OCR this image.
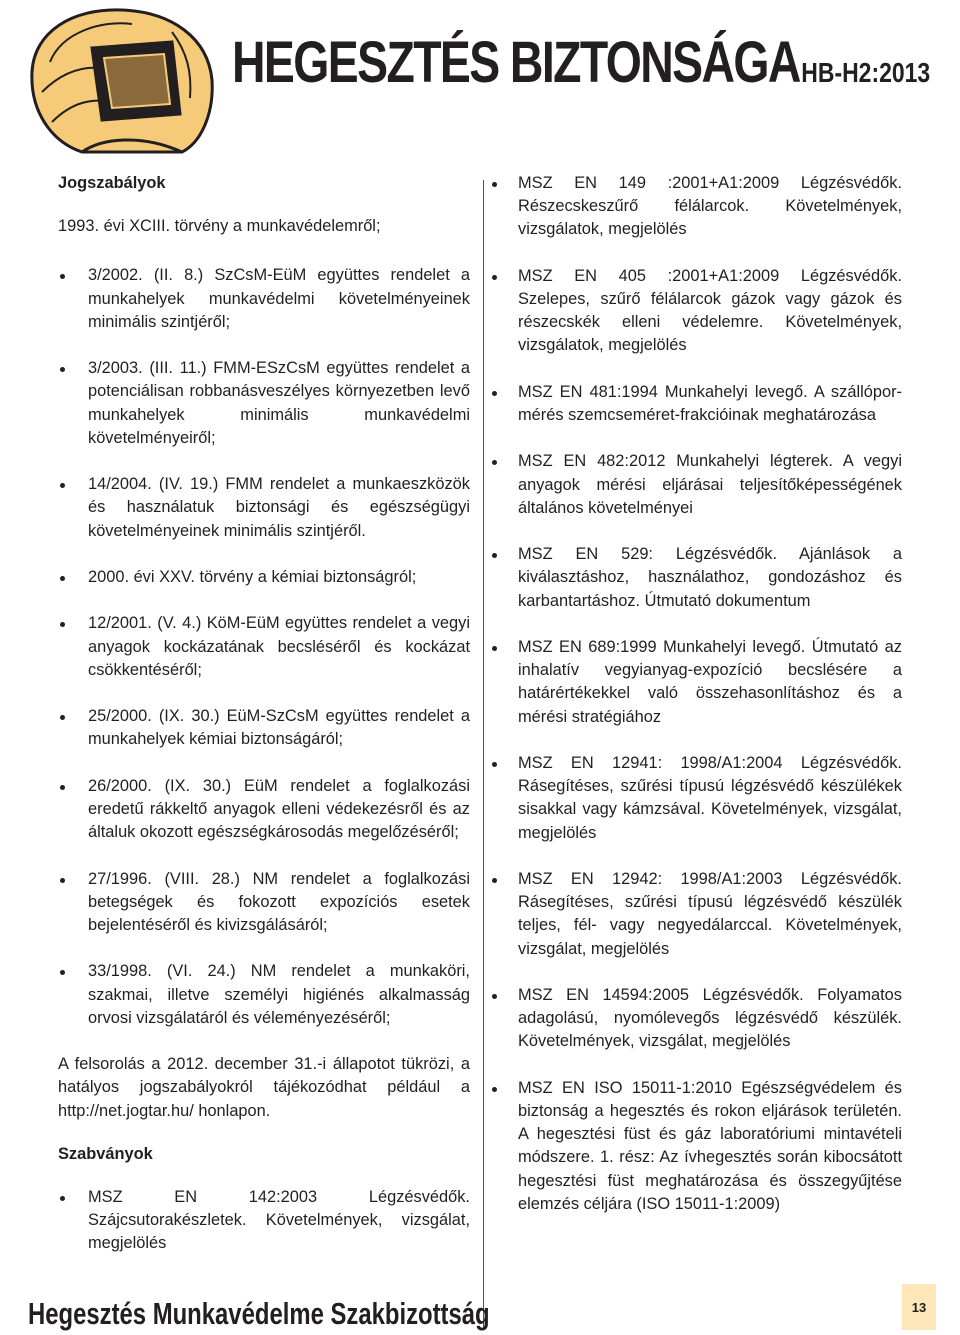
HEGESZTÉS BIZTONSÁGA HB-H2:2013
Jogszabályok

1993. évi XCIII. törvény a munkavédelemről;

3/2002. (II. 8.) SzCsM-EüM együttes rendelet a munkahelyek munkavédelmi követelményeinek minimális szintjéről;
3/2003. (III. 11.) FMM-ESzCsM együttes rendelet a potenciálisan robbanásveszélyes környezetben levő munkahelyek minimális munkavédelmi követelményeiről;
14/2004. (IV. 19.) FMM rendelet a munkaeszközök és használatuk biztonsági és egészségügyi követelményeinek minimális szintjéről.
2000. évi XXV. törvény a kémiai biztonságról;
12/2001. (V. 4.) KöM-EüM együttes rendelet a vegyi anyagok kockázatának becsléséről és kockázat csökkentéséről;
25/2000. (IX. 30.) EüM-SzCsM együttes rendelet a munkahelyek kémiai biztonságáról;
26/2000. (IX. 30.) EüM rendelet a foglalkozási eredetű rákkeltő anyagok elleni védekezésről és az általuk okozott egészségkárosodás megelőzéséről;
27/1996. (VIII. 28.) NM rendelet a foglalkozási betegségek és fokozott expozíciós esetek bejelentéséről és kivizsgálásáról;
33/1998. (VI. 24.) NM rendelet a munkaköri, szakmai, illetve személyi higiénés alkalmasság orvosi vizsgálatáról és véleményezéséről;

A felsorolás a 2012. december 31.-i állapotot tükrözi, a hatályos jogszabályokról tájékozódhat például a http://net.jogtar.hu/ honlapon.

Szabványok
MSZ EN 142:2003 Légzésvédők. Szájcsutorakészletek. Követelmények, vizsgálat, megjelölés
MSZ EN 149 :2001+A1:2009 Légzésvédők. Részecskeszűrő félálarcok. Követelmények, vizsgálatok, megjelölés
MSZ EN 405 :2001+A1:2009 Légzésvédők. Szelepes, szűrő félálarcok gázok vagy gázok és részecskék elleni védelemre. Követelmények, vizsgálatok, megjelölés
MSZ EN 481:1994 Munkahelyi levegő. A szállópor-mérés szemcseméret-frakcióinak meghatározása
MSZ EN 482:2012 Munkahelyi légterek. A vegyi anyagok mérési eljárásai teljesítőképességének általános követelményei
MSZ EN 529: Légzésvédők. Ajánlások a kiválasztáshoz, használathoz, gondozáshoz és karbantartáshoz. Útmutató dokumentum
MSZ EN 689:1999 Munkahelyi levegő. Útmutató az inhalatív vegyianyag-expozíció becslésére a határértékekkel való összehasonlításhoz és a mérési stratégiához
MSZ EN 12941: 1998/A1:2004 Légzésvédők. Rásegítéses, szűrési típusú légzésvédő készülékek sisakkal vagy kámzsával. Követelmények, vizsgálat, megjelölés
MSZ EN 12942: 1998/A1:2003 Légzésvédők. Rásegítéses, szűrési típusú légzésvédő készülék teljes, fél- vagy negyedálarccal. Követelmények, vizsgálat, megjelölés
MSZ EN 14594:2005 Légzésvédők. Folyamatos adagolású, nyomólevegős légzésvédő készülék. Követelmények, vizsgálat, megjelölés
MSZ EN ISO 15011-1:2010 Egészségvédelem és biztonság a hegesztés és rokon eljárások területén. A hegesztési füst és gáz laboratóriumi mintavételi módszere. 1. rész: Az ívhegesztés során kibocsátott hegesztési füst meghatározása és összegyűjtése elemzés céljára (ISO 15011-1:2009)
Hegesztés Munkavédelme Szakbizottság	13
